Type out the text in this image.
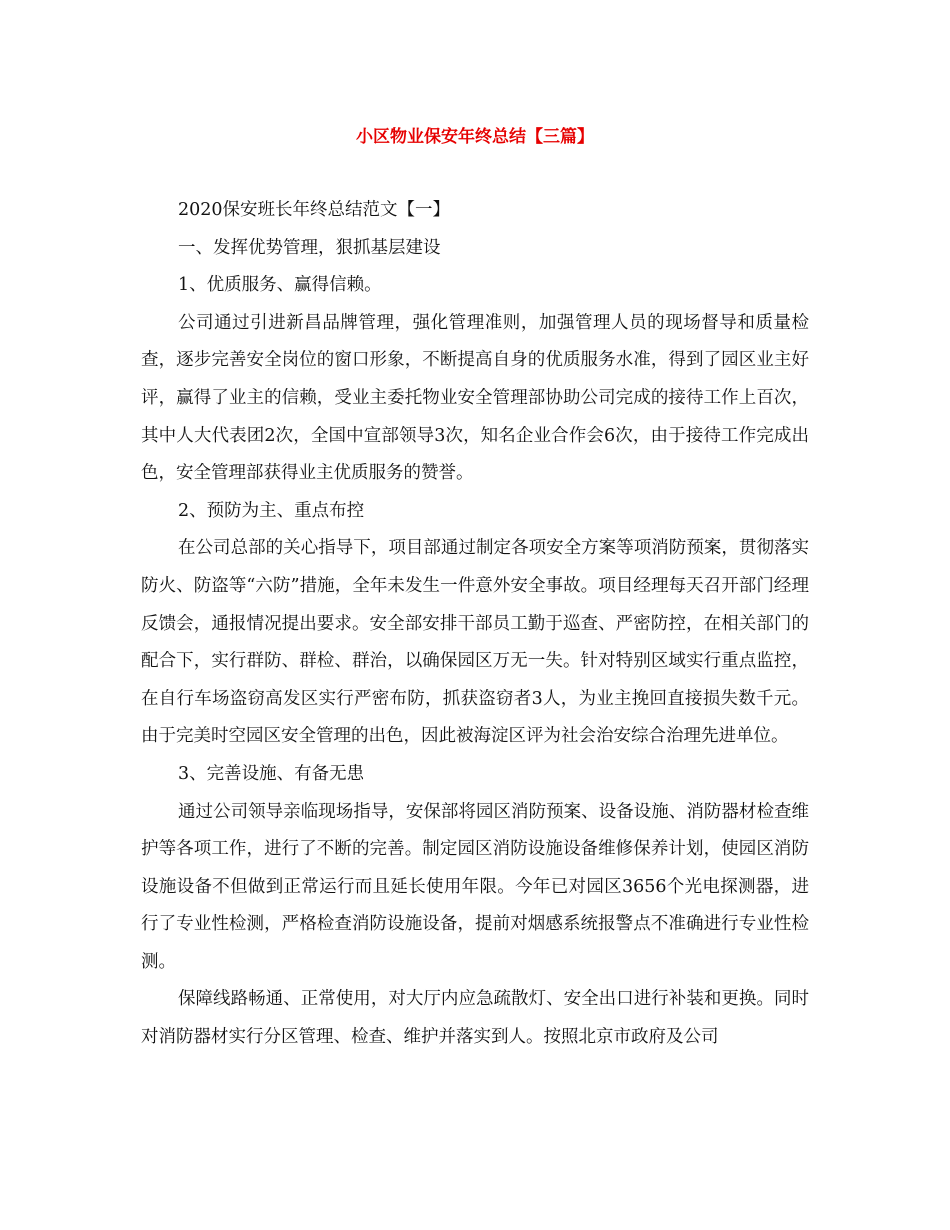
小区物业保安年终总结【三篇】

2020保安班长年终总结范文【一】

一、发挥优势管理，狠抓基层建设

1、优质服务、赢得信赖。

公司通过引进新昌品牌管理，强化管理准则，加强管理人员的现场督导和质量检查，逐步完善安全岗位的窗口形象，不断提高自身的优质服务水准，得到了园区业主好评，赢得了业主的信赖，受业主委托物业安全管理部协助公司完成的接待工作上百次，其中人大代表团2次，全国中宣部领导3次，知名企业合作会6次，由于接待工作完成出色，安全管理部获得业主优质服务的赞誉。

2、预防为主、重点布控

在公司总部的关心指导下，项目部通过制定各项安全方案等项消防预案，贯彻落实防火、防盗等“六防”措施，全年未发生一件意外安全事故。项目经理每天召开部门经理反馈会，通报情况提出要求。安全部安排干部员工勤于巡查、严密防控，在相关部门的配合下，实行群防、群检、群治，以确保园区万无一失。针对特别区域实行重点监控，在自行车场盗窃高发区实行严密布防，抓获盗窃者3人，为业主挽回直接损失数千元。由于完美时空园区安全管理的出色，因此被海淀区评为社会治安综合治理先进单位。

3、完善设施、有备无患

通过公司领导亲临现场指导，安保部将园区消防预案、设备设施、消防器材检查维护等各项工作，进行了不断的完善。制定园区消防设施设备维修保养计划，使园区消防设施设备不但做到正常运行而且延长使用年限。今年已对园区3656个光电探测器，进行了专业性检测，严格检查消防设施设备，提前对烟感系统报警点不准确进行专业性检测。

保障线路畅通、正常使用，对大厅内应急疏散灯、安全出口进行补装和更换。同时对消防器材实行分区管理、检查、维护并落实到人。按照北京市政府及公司
